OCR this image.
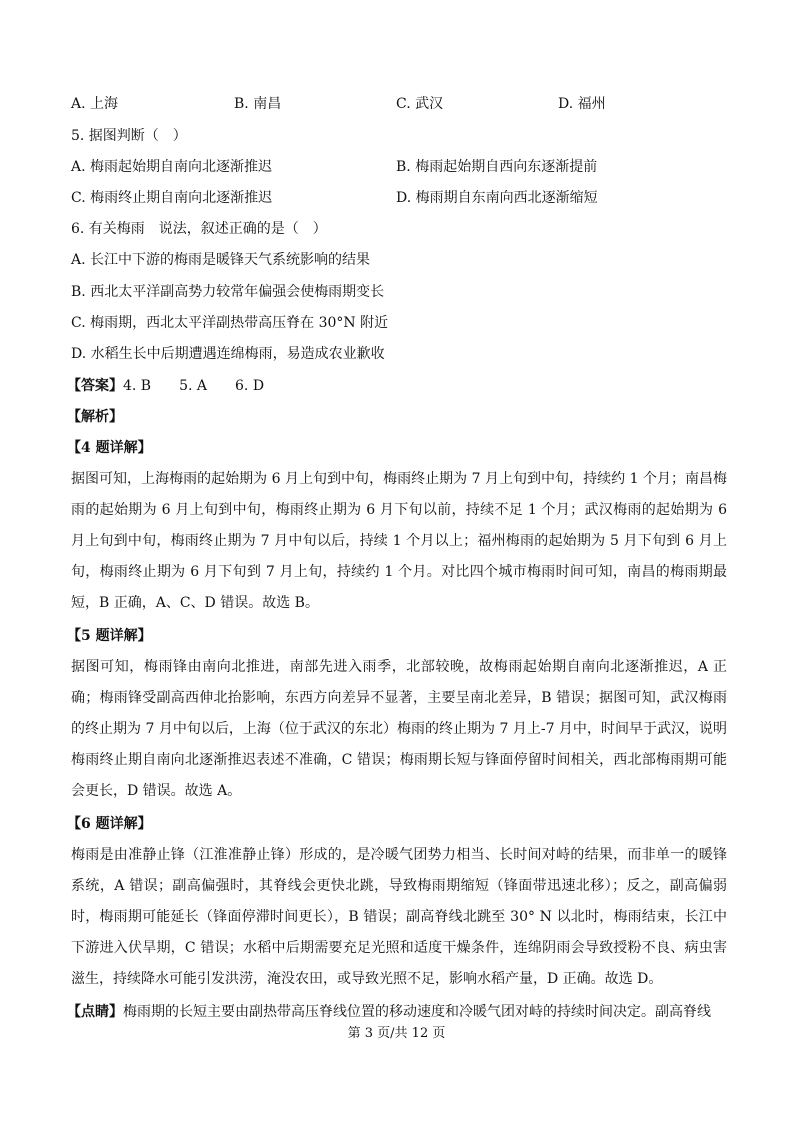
A. 上海	B. 南昌	C. 武汉	D. 福州
5. 据图判断（　）
A. 梅雨起始期自南向北逐渐推迟	B. 梅雨起始期自西向东逐渐提前
C. 梅雨终止期自南向北逐渐推迟	D. 梅雨期自东南向西北逐渐缩短
6. 有关梅雨　说法，叙述正确的是（　）
A. 长江中下游的梅雨是暖锋天气系统影响的结果
B. 西北太平洋副高势力较常年偏强会使梅雨期变长
C. 梅雨期，西北太平洋副热带高压脊在 30°N 附近
D. 水稻生长中后期遭遇连绵梅雨，易造成农业歉收
【答案】4. B　　5. A　　6. D
【解析】
【4 题详解】
据图可知，上海梅雨的起始期为 6 月上旬到中旬，梅雨终止期为 7 月上旬到中旬，持续约 1 个月；南昌梅雨的起始期为 6 月上旬到中旬，梅雨终止期为 6 月下旬以前，持续不足 1 个月；武汉梅雨的起始期为 6 月上旬到中旬，梅雨终止期为 7 月中旬以后，持续 1 个月以上；福州梅雨的起始期为 5 月下旬到 6 月上旬，梅雨终止期为 6 月下旬到 7 月上旬，持续约 1 个月。对比四个城市梅雨时间可知，南昌的梅雨期最短，B 正确，A、C、D 错误。故选 B。
【5 题详解】
据图可知，梅雨锋由南向北推进，南部先进入雨季，北部较晚，故梅雨起始期自南向北逐渐推迟，A 正确；梅雨锋受副高西伸北抬影响，东西方向差异不显著，主要呈南北差异，B 错误；据图可知，武汉梅雨的终止期为 7 月中旬以后，上海（位于武汉的东北）梅雨的终止期为 7 月上-7 月中，时间早于武汉，说明梅雨终止期自南向北逐渐推迟表述不准确，C 错误；梅雨期长短与锋面停留时间相关，西北部梅雨期可能会更长，D 错误。故选 A。
【6 题详解】
梅雨是由准静止锋（江淮准静止锋）形成的，是冷暖气团势力相当、长时间对峙的结果，而非单一的暖锋系统，A 错误；副高偏强时，其脊线会更快北跳，导致梅雨期缩短（锋面带迅速北移）；反之，副高偏弱时，梅雨期可能延长（锋面停滞时间更长），B 错误；副高脊线北跳至 30° N 以北时，梅雨结束，长江中下游进入伏旱期，C 错误；水稻中后期需要充足光照和适度干燥条件，连绵阴雨会导致授粉不良、病虫害滋生，持续降水可能引发洪涝，淹没农田，或导致光照不足，影响水稻产量，D 正确。故选 D。
【点睛】梅雨期的长短主要由副热带高压脊线位置的移动速度和冷暖气团对峙的持续时间决定。副高脊线
第 3 页/共 12 页
